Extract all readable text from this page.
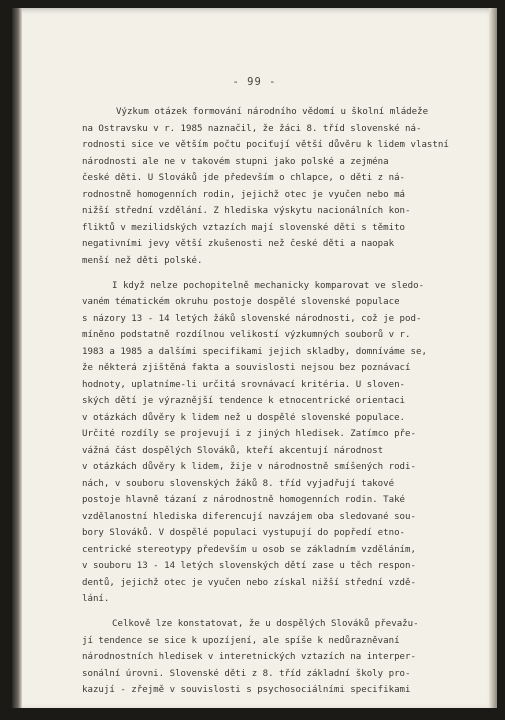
- 99 -
Výzkum otázek formování národního vědomí u školní mládeže
na Ostravsku v r. 1985 naznačil, že žáci 8. tříd slovenské ná-
rodnosti sice ve větším počtu pociťují větší důvěru k lidem vlastní
národnosti ale ne v takovém stupni jako polské a zejména
české děti. U Slováků jde především o chlapce, o děti z ná-
rodnostně homogenních rodin, jejichž otec je vyučen nebo má
nižší střední vzdělání. Z hlediska výskytu nacionálních kon-
fliktů v mezilidských vztazích mají slovenské děti s těmito
negativními jevy větší zkušenosti než české děti a naopak
menší než děti polské.
I když nelze pochopitelně mechanicky komparovat ve sledo-
vaném tématickém okruhu postoje dospělé slovenské populace
s názory 13 - 14 letých žáků slovenské národnosti, což je pod-
míněno podstatně rozdílnou velikostí výzkumných souborů v r.
1983 a 1985 a dalšími specifikami jejich skladby, domníváme se,
že některá zjištěná fakta a souvislosti nejsou bez poznávací
hodnoty, uplatníme-li určitá srovnávací kritéria. U sloven-
ských dětí je výraznější tendence k etnocentrické orientaci
v otázkách důvěry k lidem než u dospělé slovenské populace.
Určité rozdíly se projevují i z jiných hledisek. Zatímco pře-
vážná část dospělých Slováků, kteří akcentují národnost
v otázkách důvěry k lidem, žije v národnostně smíšených rodi-
nách, v souboru slovenských žáků 8. tříd vyjadřují takové
postoje hlavně tázaní z národnostně homogenních rodin. Také
vzdělanostní hlediska diferencují navzájem oba sledované sou-
bory Slováků. V dospělé populaci vystupují do popředí etno-
centrické stereotypy především u osob se základním vzděláním,
v souboru 13 - 14 letých slovenských dětí zase u těch respon-
dentů, jejichž otec je vyučen nebo získal nižší střední vzdě-
lání.
Celkově lze konstatovat, že u dospělých Slováků převažu-
jí tendence se sice k upozíjení, ale spíše k nedůrazněvaní
národnostních hledisek v interetnických vztazích na interper-
sonální úrovni. Slovenské děti z 8. tříd základní školy pro-
kazují - zřejmě v souvislosti s psychosociálními specifikami
